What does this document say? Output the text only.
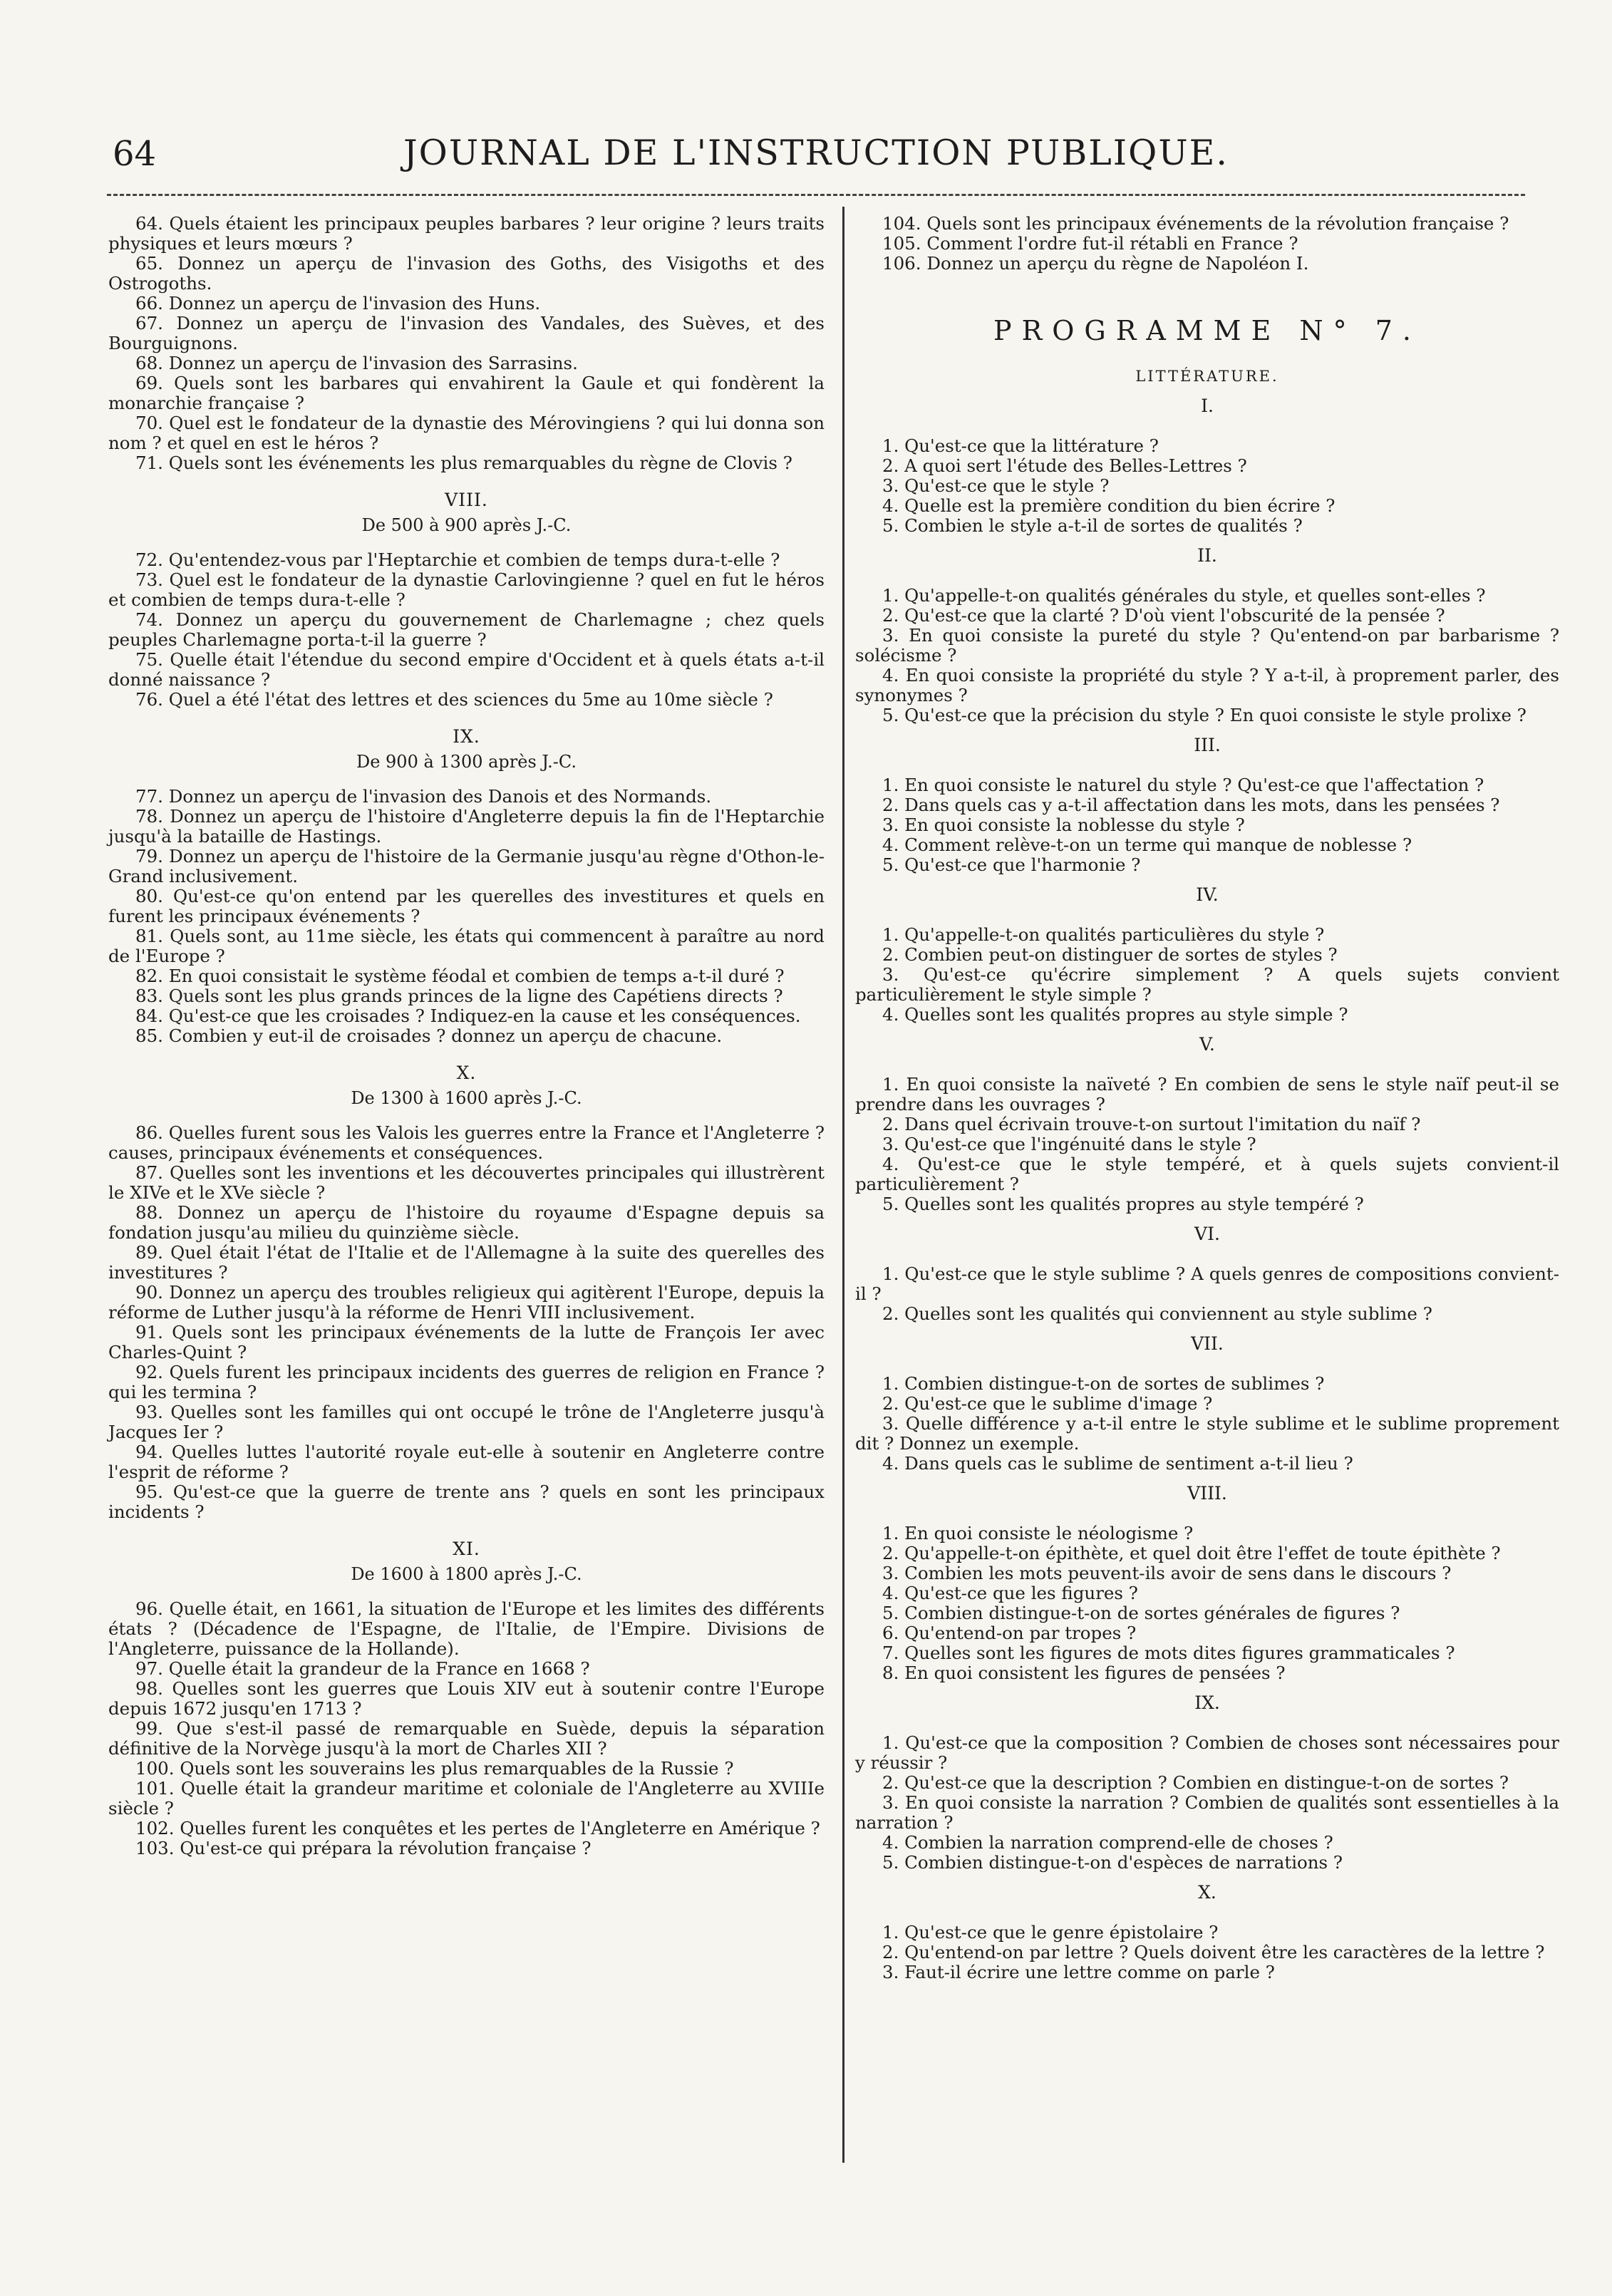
64	JOURNAL DE L'INSTRUCTION PUBLIQUE.

64. Quels étaient les principaux peuples barbares ? leur origine ? leurs traits physiques et leurs mœurs ?

65. Donnez un aperçu de l'invasion des Goths, des Visigoths et des Ostrogoths.

66. Donnez un aperçu de l'invasion des Huns.

67. Donnez un aperçu de l'invasion des Vandales, des Suèves, et des Bourguignons.

68. Donnez un aperçu de l'invasion des Sarrasins.

69. Quels sont les barbares qui envahirent la Gaule et qui fondèrent la monarchie française ?

70. Quel est le fondateur de la dynastie des Mérovingiens ? qui lui donna son nom ? et quel en est le héros ?

71. Quels sont les événements les plus remarquables du règne de Clovis ?

VIII.
De 500 à 900 après J.-C.

72. Qu'entendez-vous par l'Heptarchie et combien de temps dura-t-elle ?

73. Quel est le fondateur de la dynastie Carlovingienne ? quel en fut le héros et combien de temps dura-t-elle ?

74. Donnez un aperçu du gouvernement de Charlemagne ; chez quels peuples Charlemagne porta-t-il la guerre ?

75. Quelle était l'étendue du second empire d'Occident et à quels états a-t-il donné naissance ?

76. Quel a été l'état des lettres et des sciences du 5me au 10me siècle ?

IX.
De 900 à 1300 après J.-C.

77. Donnez un aperçu de l'invasion des Danois et des Normands.

78. Donnez un aperçu de l'histoire d'Angleterre depuis la fin de l'Heptarchie jusqu'à la bataille de Hastings.

79. Donnez un aperçu de l'histoire de la Germanie jusqu'au règne d'Othon-le-Grand inclusivement.

80. Qu'est-ce qu'on entend par les querelles des investitures et quels en furent les principaux événements ?

81. Quels sont, au 11me siècle, les états qui commencent à paraître au nord de l'Europe ?

82. En quoi consistait le système féodal et combien de temps a-t-il duré ?

83. Quels sont les plus grands princes de la ligne des Capétiens directs ?

84. Qu'est-ce que les croisades ? Indiquez-en la cause et les conséquences.

85. Combien y eut-il de croisades ? donnez un aperçu de chacune.

X.
De 1300 à 1600 après J.-C.

86. Quelles furent sous les Valois les guerres entre la France et l'Angleterre ? causes, principaux événements et conséquences.

87. Quelles sont les inventions et les découvertes principales qui illustrèrent le XIVe et le XVe siècle ?

88. Donnez un aperçu de l'histoire du royaume d'Espagne depuis sa fondation jusqu'au milieu du quinzième siècle.

89. Quel était l'état de l'Italie et de l'Allemagne à la suite des querelles des investitures ?

90. Donnez un aperçu des troubles religieux qui agitèrent l'Europe, depuis la réforme de Luther jusqu'à la réforme de Henri VIII inclusivement.

91. Quels sont les principaux événements de la lutte de François Ier avec Charles-Quint ?

92. Quels furent les principaux incidents des guerres de religion en France ? qui les termina ?

93. Quelles sont les familles qui ont occupé le trône de l'Angleterre jusqu'à Jacques Ier ?

94. Quelles luttes l'autorité royale eut-elle à soutenir en Angleterre contre l'esprit de réforme ?

95. Qu'est-ce que la guerre de trente ans ? quels en sont les principaux incidents ?

XI.
De 1600 à 1800 après J.-C.

96. Quelle était, en 1661, la situation de l'Europe et les limites des différents états ? (Décadence de l'Espagne, de l'Italie, de l'Empire. Divisions de l'Angleterre, puissance de la Hollande).

97. Quelle était la grandeur de la France en 1668 ?

98. Quelles sont les guerres que Louis XIV eut à soutenir contre l'Europe depuis 1672 jusqu'en 1713 ?

99. Que s'est-il passé de remarquable en Suède, depuis la séparation définitive de la Norvège jusqu'à la mort de Charles XII ?

100. Quels sont les souverains les plus remarquables de la Russie ?

101. Quelle était la grandeur maritime et coloniale de l'Angleterre au XVIIIe siècle ?

102. Quelles furent les conquêtes et les pertes de l'Angleterre en Amérique ?

103. Qu'est-ce qui prépara la révolution française ?

104. Quels sont les principaux événements de la révolution française ?

105. Comment l'ordre fut-il rétabli en France ?

106. Donnez un aperçu du règne de Napoléon I.

PROGRAMME N° 7.
LITTÉRATURE.
I.

1. Qu'est-ce que la littérature ?

2. A quoi sert l'étude des Belles-Lettres ?

3. Qu'est-ce que le style ?

4. Quelle est la première condition du bien écrire ?

5. Combien le style a-t-il de sortes de qualités ?

II.

1. Qu'appelle-t-on qualités générales du style, et quelles sont-elles ?

2. Qu'est-ce que la clarté ? D'où vient l'obscurité de la pensée ?

3. En quoi consiste la pureté du style ? Qu'entend-on par barbarisme ? solécisme ?

4. En quoi consiste la propriété du style ? Y a-t-il, à proprement parler, des synonymes ?

5. Qu'est-ce que la précision du style ? En quoi consiste le style prolixe ?

III.

1. En quoi consiste le naturel du style ? Qu'est-ce que l'affectation ?

2. Dans quels cas y a-t-il affectation dans les mots, dans les pensées ?

3. En quoi consiste la noblesse du style ?

4. Comment relève-t-on un terme qui manque de noblesse ?

5. Qu'est-ce que l'harmonie ?

IV.

1. Qu'appelle-t-on qualités particulières du style ?

2. Combien peut-on distinguer de sortes de styles ?

3. Qu'est-ce qu'écrire simplement ? A quels sujets convient particulièrement le style simple ?

4. Quelles sont les qualités propres au style simple ?

V.

1. En quoi consiste la naïveté ? En combien de sens le style naïf peut-il se prendre dans les ouvrages ?

2. Dans quel écrivain trouve-t-on surtout l'imitation du naïf ?

3. Qu'est-ce que l'ingénuité dans le style ?

4. Qu'est-ce que le style tempéré, et à quels sujets convient-il particulièrement ?

5. Quelles sont les qualités propres au style tempéré ?

VI.

1. Qu'est-ce que le style sublime ? A quels genres de compositions convient-il ?

2. Quelles sont les qualités qui conviennent au style sublime ?

VII.

1. Combien distingue-t-on de sortes de sublimes ?

2. Qu'est-ce que le sublime d'image ?

3. Quelle différence y a-t-il entre le style sublime et le sublime proprement dit ? Donnez un exemple.

4. Dans quels cas le sublime de sentiment a-t-il lieu ?

VIII.

1. En quoi consiste le néologisme ?

2. Qu'appelle-t-on épithète, et quel doit être l'effet de toute épithète ?

3. Combien les mots peuvent-ils avoir de sens dans le discours ?

4. Qu'est-ce que les figures ?

5. Combien distingue-t-on de sortes générales de figures ?

6. Qu'entend-on par tropes ?

7. Quelles sont les figures de mots dites figures grammaticales ?

8. En quoi consistent les figures de pensées ?

IX.

1. Qu'est-ce que la composition ? Combien de choses sont nécessaires pour y réussir ?

2. Qu'est-ce que la description ? Combien en distingue-t-on de sortes ?

3. En quoi consiste la narration ? Combien de qualités sont essentielles à la narration ?

4. Combien la narration comprend-elle de choses ?

5. Combien distingue-t-on d'espèces de narrations ?

X.

1. Qu'est-ce que le genre épistolaire ?

2. Qu'entend-on par lettre ? Quels doivent être les caractères de la lettre ?

3. Faut-il écrire une lettre comme on parle ?
